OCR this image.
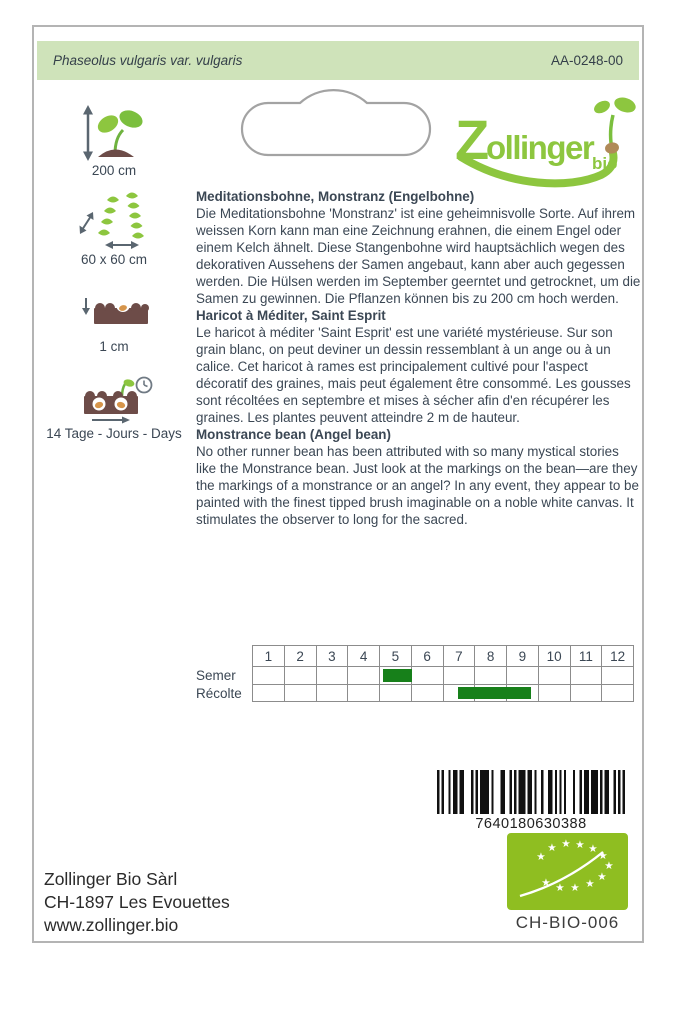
Phaseolus vulgaris var. vulgaris	AA-0248-00
Z
ollinger
bio
200 cm
60 x 60 cm
1 cm
14 Tage - Jours - Days
Meditationsbohne, Monstranz (Engelbohne)
Die Meditationsbohne 'Monstranz' ist eine geheimnisvolle Sorte. Auf ihrem weissen Korn kann man eine Zeichnung erahnen, die einem Engel oder einem Kelch ähnelt. Diese Stangenbohne wird hauptsächlich wegen des dekorativen Aussehens der Samen angebaut, kann aber auch gegessen werden. Die Hülsen werden im September geerntet und getrocknet, um die Samen zu gewinnen. Die Pflanzen können bis zu 200 cm hoch werden.
Haricot à Méditer, Saint Esprit
Le haricot à méditer 'Saint Esprit' est une variété mystérieuse. Sur son grain blanc, on peut deviner un dessin ressemblant à un ange ou à un calice. Cet haricot à rames est principalement cultivé pour l'aspect décoratif des graines, mais peut également être consommé. Les gousses sont récoltées en septembre et mises à sécher afin d'en récupérer les graines. Les plantes peuvent atteindre 2 m de hauteur.
Monstrance bean (Angel bean)
No other runner bean has been attributed with so many mystical stories like the Monstrance bean. Just look at the markings on the bean—are they the markings of a monstrance or an angel? In any event, they appear to be painted with the finest tipped brush imaginable on a noble white canvas. It stimulates the observer to long for the sacred.
1	2	3	4	5	6	7	8	9	10	11	12
Semer
Récolte
7640180630388
★
★ ★ ★ ★
★
★
★
★
★
★
★
CH-BIO-006
Zollinger Bio Sàrl
CH-1897 Les Evouettes
www.zollinger.bio
